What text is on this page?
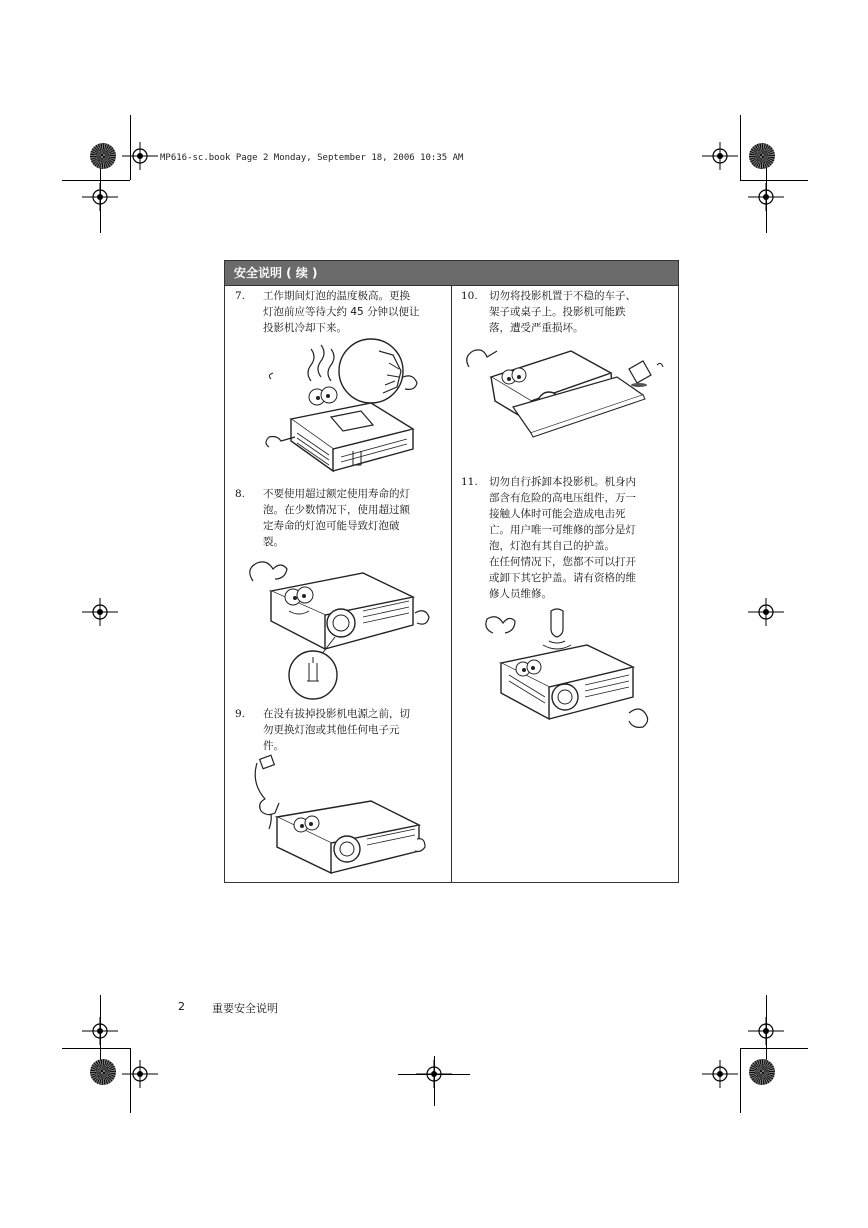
MP616-sc.book Page 2 Monday, September 18, 2006 10:35 AM
安全说明 ( 续 )
7. 工作期间灯泡的温度极高。更换

灯泡前应等待大约 45 分钟以便让

投影机冷却下来。

8. 不要使用超过额定使用寿命的灯

泡。在少数情况下，使用超过额

定寿命的灯泡可能导致灯泡破

裂。

9. 在没有拔掉投影机电源之前，切

勿更换灯泡或其他任何电子元

件。

10. 切勿将投影机置于不稳的车子、

架子或桌子上。投影机可能跌

落，遭受严重损坏。

11. 切勿自行拆卸本投影机。机身内

部含有危险的高电压组件，万一

接触人体时可能会造成电击死

亡。用户唯一可维修的部分是灯

泡，灯泡有其自己的护盖。

在任何情况下，您都不可以打开

或卸下其它护盖。请有资格的维

修人员维修。

2 重要安全说明
